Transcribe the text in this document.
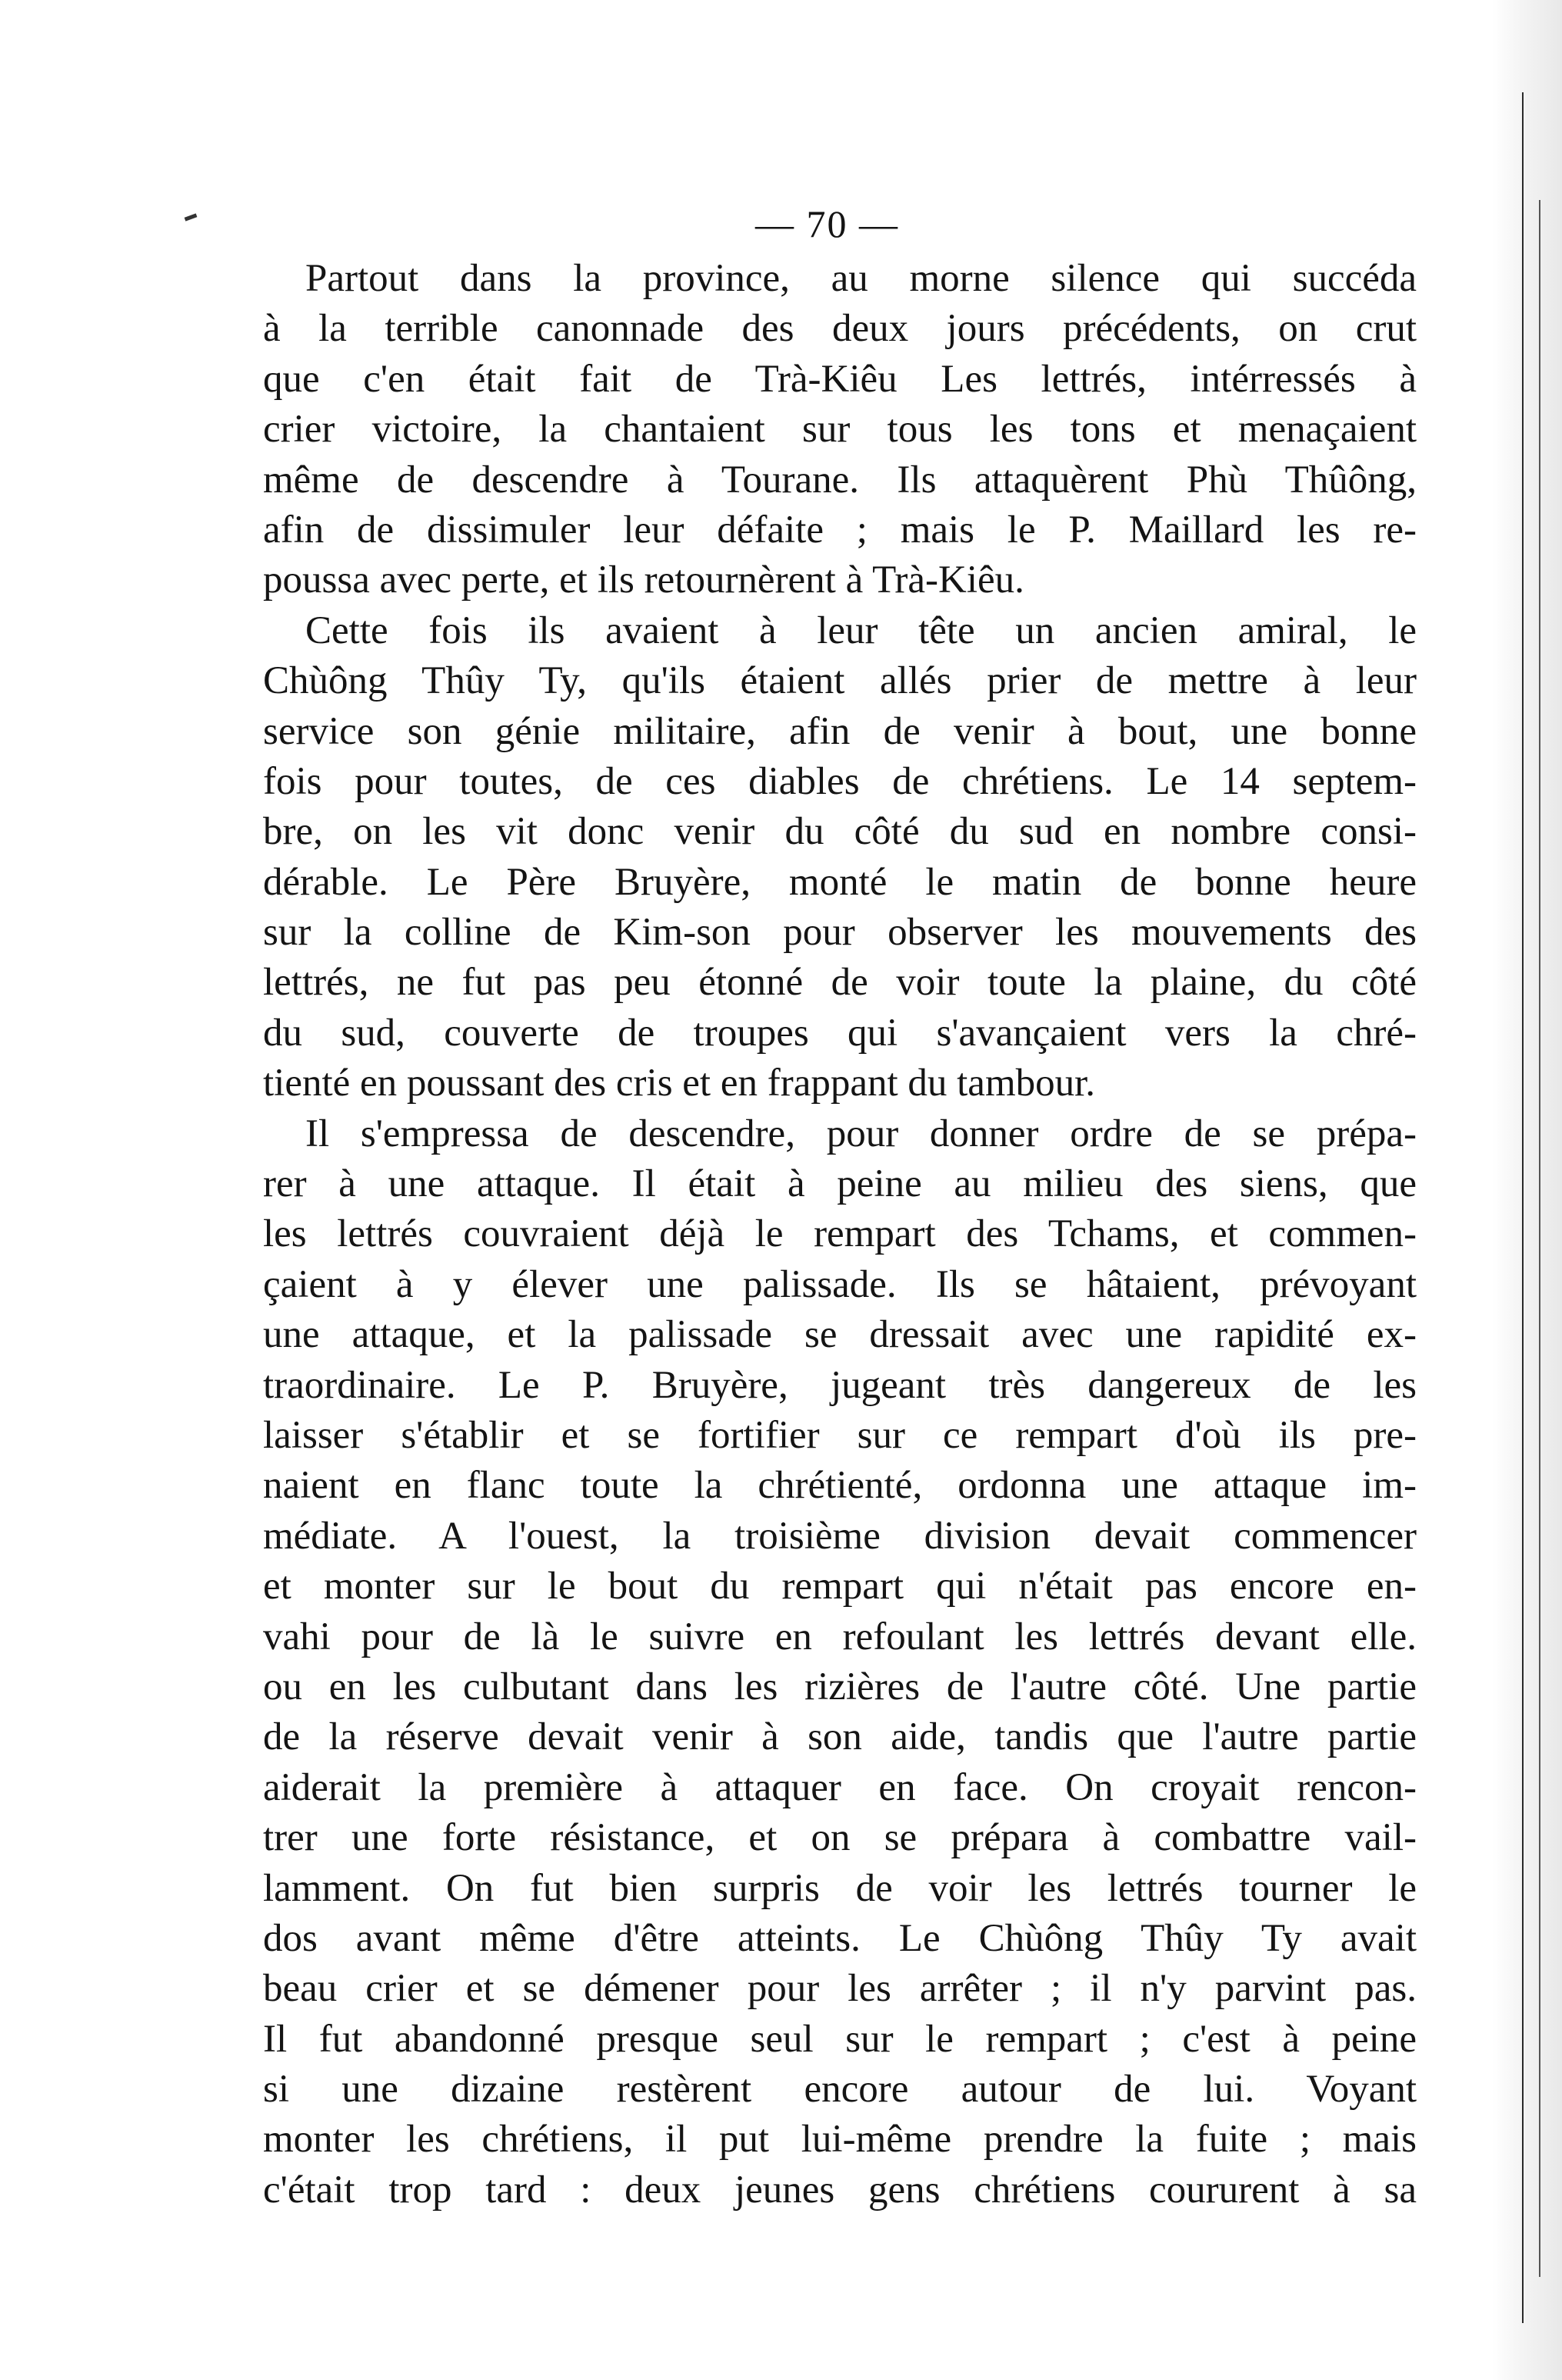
— 70 —
Partout dans la province, au morne silence qui succéda
à la terrible canonnade des deux jours précédents, on crut
que c'en était fait de Trà-Kiêu Les lettrés, intérressés à
crier victoire, la chantaient sur tous les tons et menaçaient
même de descendre à Tourane. Ils attaquèrent Phù Thûông,
afin de dissimuler leur défaite ; mais le P. Maillard les re-
poussa avec perte, et ils retournèrent à Trà-Kiêu.
Cette fois ils avaient à leur tête un ancien amiral, le
Chùông Thûy Ty, qu'ils étaient allés prier de mettre à leur
service son génie militaire, afin de venir à bout, une bonne
fois pour toutes, de ces diables de chrétiens. Le 14 septem-
bre, on les vit donc venir du côté du sud en nombre consi-
dérable. Le Père Bruyère, monté le matin de bonne heure
sur la colline de Kim-son pour observer les mouvements des
lettrés, ne fut pas peu étonné de voir toute la plaine, du côté
du sud, couverte de troupes qui s'avançaient vers la chré-
tienté en poussant des cris et en frappant du tambour.
Il s'empressa de descendre, pour donner ordre de se prépa-
rer à une attaque. Il était à peine au milieu des siens, que
les lettrés couvraient déjà le rempart des Tchams, et commen-
çaient à y élever une palissade. Ils se hâtaient, prévoyant
une attaque, et la palissade se dressait avec une rapidité ex-
traordinaire. Le P. Bruyère, jugeant très dangereux de les
laisser s'établir et se fortifier sur ce rempart d'où ils pre-
naient en flanc toute la chrétienté, ordonna une attaque im-
médiate. A l'ouest, la troisième division devait commencer
et monter sur le bout du rempart qui n'était pas encore en-
vahi pour de là le suivre en refoulant les lettrés devant elle.
ou en les culbutant dans les rizières de l'autre côté. Une partie
de la réserve devait venir à son aide, tandis que l'autre partie
aiderait la première à attaquer en face. On croyait rencon-
trer une forte résistance, et on se prépara à combattre vail-
lamment. On fut bien surpris de voir les lettrés tourner le
dos avant même d'être atteints. Le Chùông Thûy Ty avait
beau crier et se démener pour les arrêter ; il n'y parvint pas.
Il fut abandonné presque seul sur le rempart ; c'est à peine
si une dizaine restèrent encore autour de lui. Voyant
monter les chrétiens, il put lui-même prendre la fuite ; mais
c'était trop tard : deux jeunes gens chrétiens coururent à sa
